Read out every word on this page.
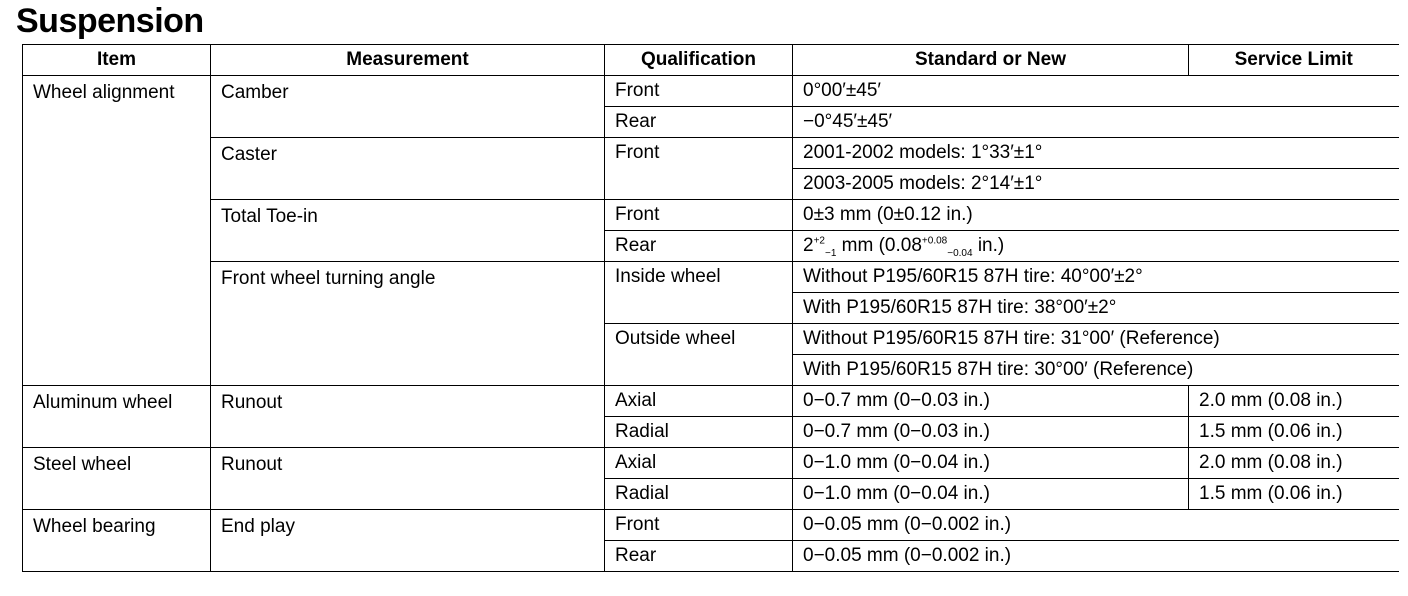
Suspension
Item	Measurement	Qualification	Standard or New	Service Limit
Wheel alignment	Camber	Front	0°00′±45′	
		Rear	−0°45′±45′	
	Caster	Front	2001-2002 models: 1°33′±1°	
			2003-2005 models: 2°14′±1°	
	Total Toe-in	Front	0±3 mm (0±0.12 in.)	
		Rear	$2^{+2}_{-1}$ mm ($0.08^{+0.08}_{-0.04}$ in.)	
	Front wheel turning angle	Inside wheel	Without P195/60R15 87H tire: 40°00′±2°	
			With P195/60R15 87H tire: 38°00′±2°	
		Outside wheel	Without P195/60R15 87H tire: 31°00′ (Reference)	
			With P195/60R15 87H tire: 30°00′ (Reference)	
Aluminum wheel	Runout	Axial	0−0.7 mm (0−0.03 in.)	2.0 mm (0.08 in.)
		Radial	0−0.7 mm (0−0.03 in.)	1.5 mm (0.06 in.)
Steel wheel	Runout	Axial	0−1.0 mm (0−0.04 in.)	2.0 mm (0.08 in.)
		Radial	0−1.0 mm (0−0.04 in.)	1.5 mm (0.06 in.)
Wheel bearing	End play	Front	0−0.05 mm (0−0.002 in.)	
		Rear	0−0.05 mm (0−0.002 in.)	
